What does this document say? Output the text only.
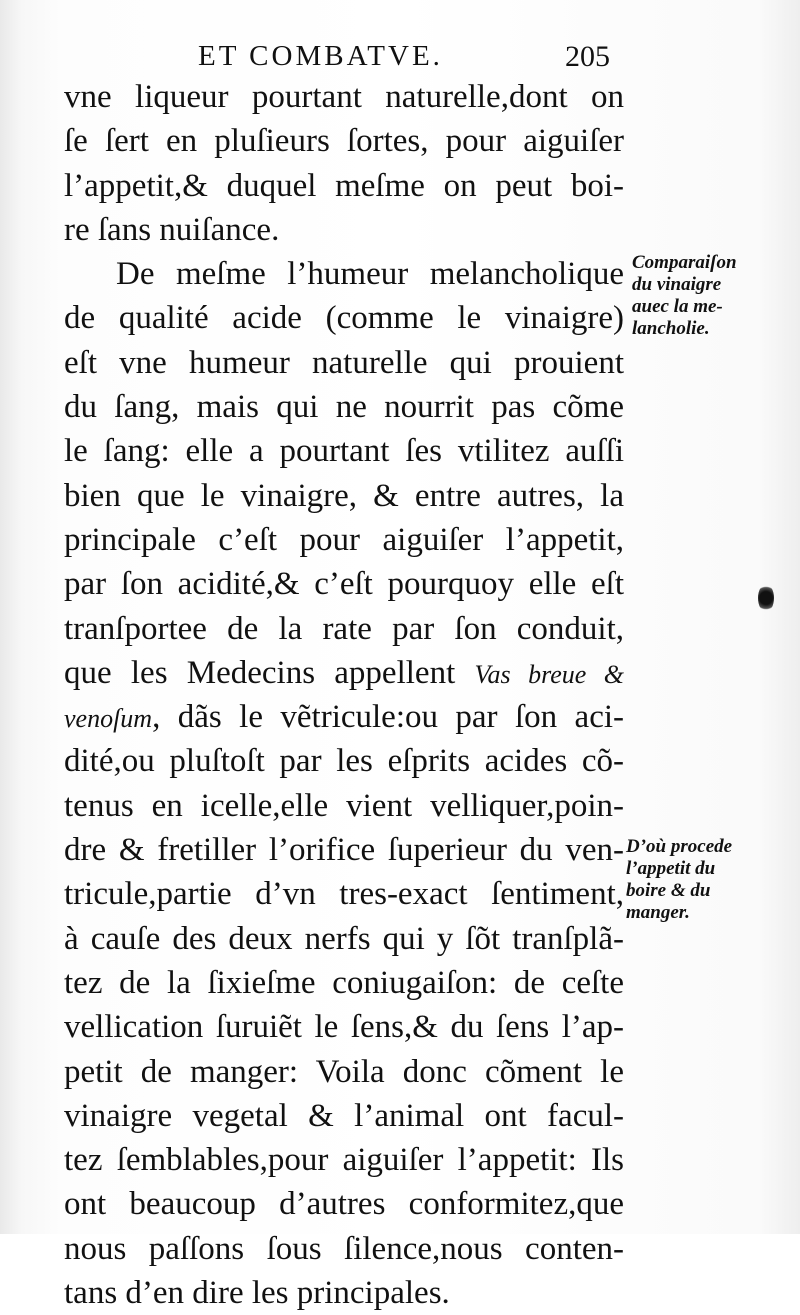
ET COMBATVE.	205
vne liqueur pourtant naturelle,dont on
ſe ſert en pluſieurs ſortes, pour aiguiſer
l’appetit,& duquel meſme on peut boi-
re ſans nuiſance.
De meſme l’humeur melancholique
de qualité acide (comme le vinaigre)
eſt vne humeur naturelle qui prouient
du ſang, mais qui ne nourrit pas cõme
le ſang: elle a pourtant ſes vtilitez auſſi
bien que le vinaigre, & entre autres, la
principale c’eſt pour aiguiſer l’appetit,
par ſon acidité,& c’eſt pourquoy elle eſt
tranſportee de la rate par ſon conduit,
que les Medecins appellent Vas breue &
venoſum, dãs le vẽtricule:ou par ſon aci-
dité,ou pluſtoſt par les eſprits acides cõ-
tenus en icelle,elle vient velliquer,poin-
dre & fretiller l’orifice ſuperieur du ven-
tricule,partie d’vn tres-exact ſentiment,
à cauſe des deux nerfs qui y ſõt tranſplã-
tez de la ſixieſme coniugaiſon: de ceſte
vellication ſuruiẽt le ſens,& du ſens l’ap-
petit de manger: Voila donc cõment le
vinaigre vegetal & l’animal ont facul-
tez ſemblables,pour aiguiſer l’appetit: Ils
ont beaucoup d’autres conformitez,que
nous paſſons ſous ſilence,nous conten-
tans d’en dire les principales.
Comparaiſon
du vinaigre
auec la me-
lancholie.
D’où procede
l’appetit du
boire & du
manger.
